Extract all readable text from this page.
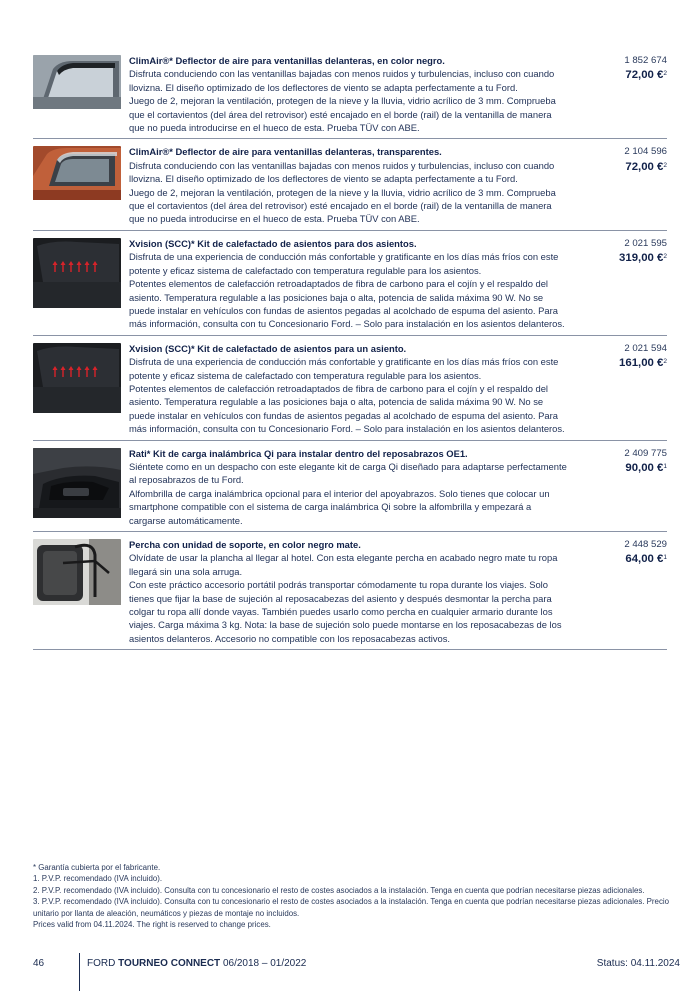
ClimAir®* Deflector de aire para ventanillas delanteras, en color negro.

Disfruta conduciendo con las ventanillas bajadas con menos ruidos y turbulencias, incluso con cuando llovizna. El diseño optimizado de los deflectores de viento se adapta perfectamente a tu Ford.
Juego de 2, mejoran la ventilación, protegen de la nieve y la lluvia, vidrio acrílico de 3 mm. Comprueba que el cortavientos (del área del retrovisor) esté encajado en el borde (rail) de la ventanilla de manera que no pueda introducirse en el hueco de esta. Prueba TÜV con ABE.

1 852 674
72,00 €$^2$
ClimAir®* Deflector de aire para ventanillas delanteras, transparentes.

Disfruta conduciendo con las ventanillas bajadas con menos ruidos y turbulencias, incluso con cuando llovizna. El diseño optimizado de los deflectores de viento se adapta perfectamente a tu Ford.
Juego de 2, mejoran la ventilación, protegen de la nieve y la lluvia, vidrio acrílico de 3 mm. Comprueba que el cortavientos (del área del retrovisor) esté encajado en el borde (rail) de la ventanilla de manera que no pueda introducirse en el hueco de esta. Prueba TÜV con ABE.

2 104 596
72,00 €$^2$
Xvision (SCC)* Kit de calefactado de asientos para dos asientos.

Disfruta de una experiencia de conducción más confortable y gratificante en los días más fríos con este potente y eficaz sistema de calefactado con temperatura regulable para los asientos.
Potentes elementos de calefacción retroadaptados de fibra de carbono para el cojín y el respaldo del asiento. Temperatura regulable a las posiciones baja o alta, potencia de salida máxima 90 W. No se puede instalar en vehículos con fundas de asientos pegadas al acolchado de espuma del asiento. Para más información, consulta con tu Concesionario Ford. – Solo para instalación en los asientos delanteros.

2 021 595
319,00 €$^2$
Xvision (SCC)* Kit de calefactado de asientos para un asiento.

Disfruta de una experiencia de conducción más confortable y gratificante en los días más fríos con este potente y eficaz sistema de calefactado con temperatura regulable para los asientos.
Potentes elementos de calefacción retroadaptados de fibra de carbono para el cojín y el respaldo del asiento. Temperatura regulable a las posiciones baja o alta, potencia de salida máxima 90 W. No se puede instalar en vehículos con fundas de asientos pegadas al acolchado de espuma del asiento. Para más información, consulta con tu Concesionario Ford. – Solo para instalación en los asientos delanteros.

2 021 594
161,00 €$^2$
Rati* Kit de carga inalámbrica Qi para instalar dentro del reposabrazos OE1.

Siéntete como en un despacho con este elegante kit de carga Qi diseñado para adaptarse perfectamente al reposabrazos de tu Ford.
Alfombrilla de carga inalámbrica opcional para el interior del apoyabrazos. Solo tienes que colocar un smartphone compatible con el sistema de carga inalámbrica Qi sobre la alfombrilla y empezará a cargarse automáticamente.

2 409 775
90,00 €$^1$
Percha con unidad de soporte, en color negro mate.

Olvídate de usar la plancha al llegar al hotel. Con esta elegante percha en acabado negro mate tu ropa llegará sin una sola arruga.
Con este práctico accesorio portátil podrás transportar cómodamente tu ropa durante los viajes. Solo tienes que fijar la base de sujeción al reposacabezas del asiento y después desmontar la percha para colgar tu ropa allí donde vayas. También puedes usarlo como percha en cualquier armario durante los viajes. Carga máxima 3 kg. Nota: la base de sujeción solo puede montarse en los reposacabezas de los asientos delanteros. Accesorio no compatible con los reposacabezas activos.

2 448 529
64,00 €$^1$

* Garantía cubierta por el fabricante.

1. P.V.P. recomendado (IVA incluido).

2. P.V.P. recomendado (IVA incluido). Consulta con tu concesionario el resto de costes asociados a la instalación. Tenga en cuenta que podrían necesitarse piezas adicionales.

3. P.V.P. recomendado (IVA incluido). Consulta con tu concesionario el resto de costes asociados a la instalación. Tenga en cuenta que podrían necesitarse piezas adicionales. Precio unitario por llanta de aleación, neumáticos y piezas de montaje no incluidos.

Prices valid from 04.11.2024. The right is reserved to change prices.

46	FORD TOURNEO CONNECT 06/2018 – 01/2022	Status: 04.11.2024
